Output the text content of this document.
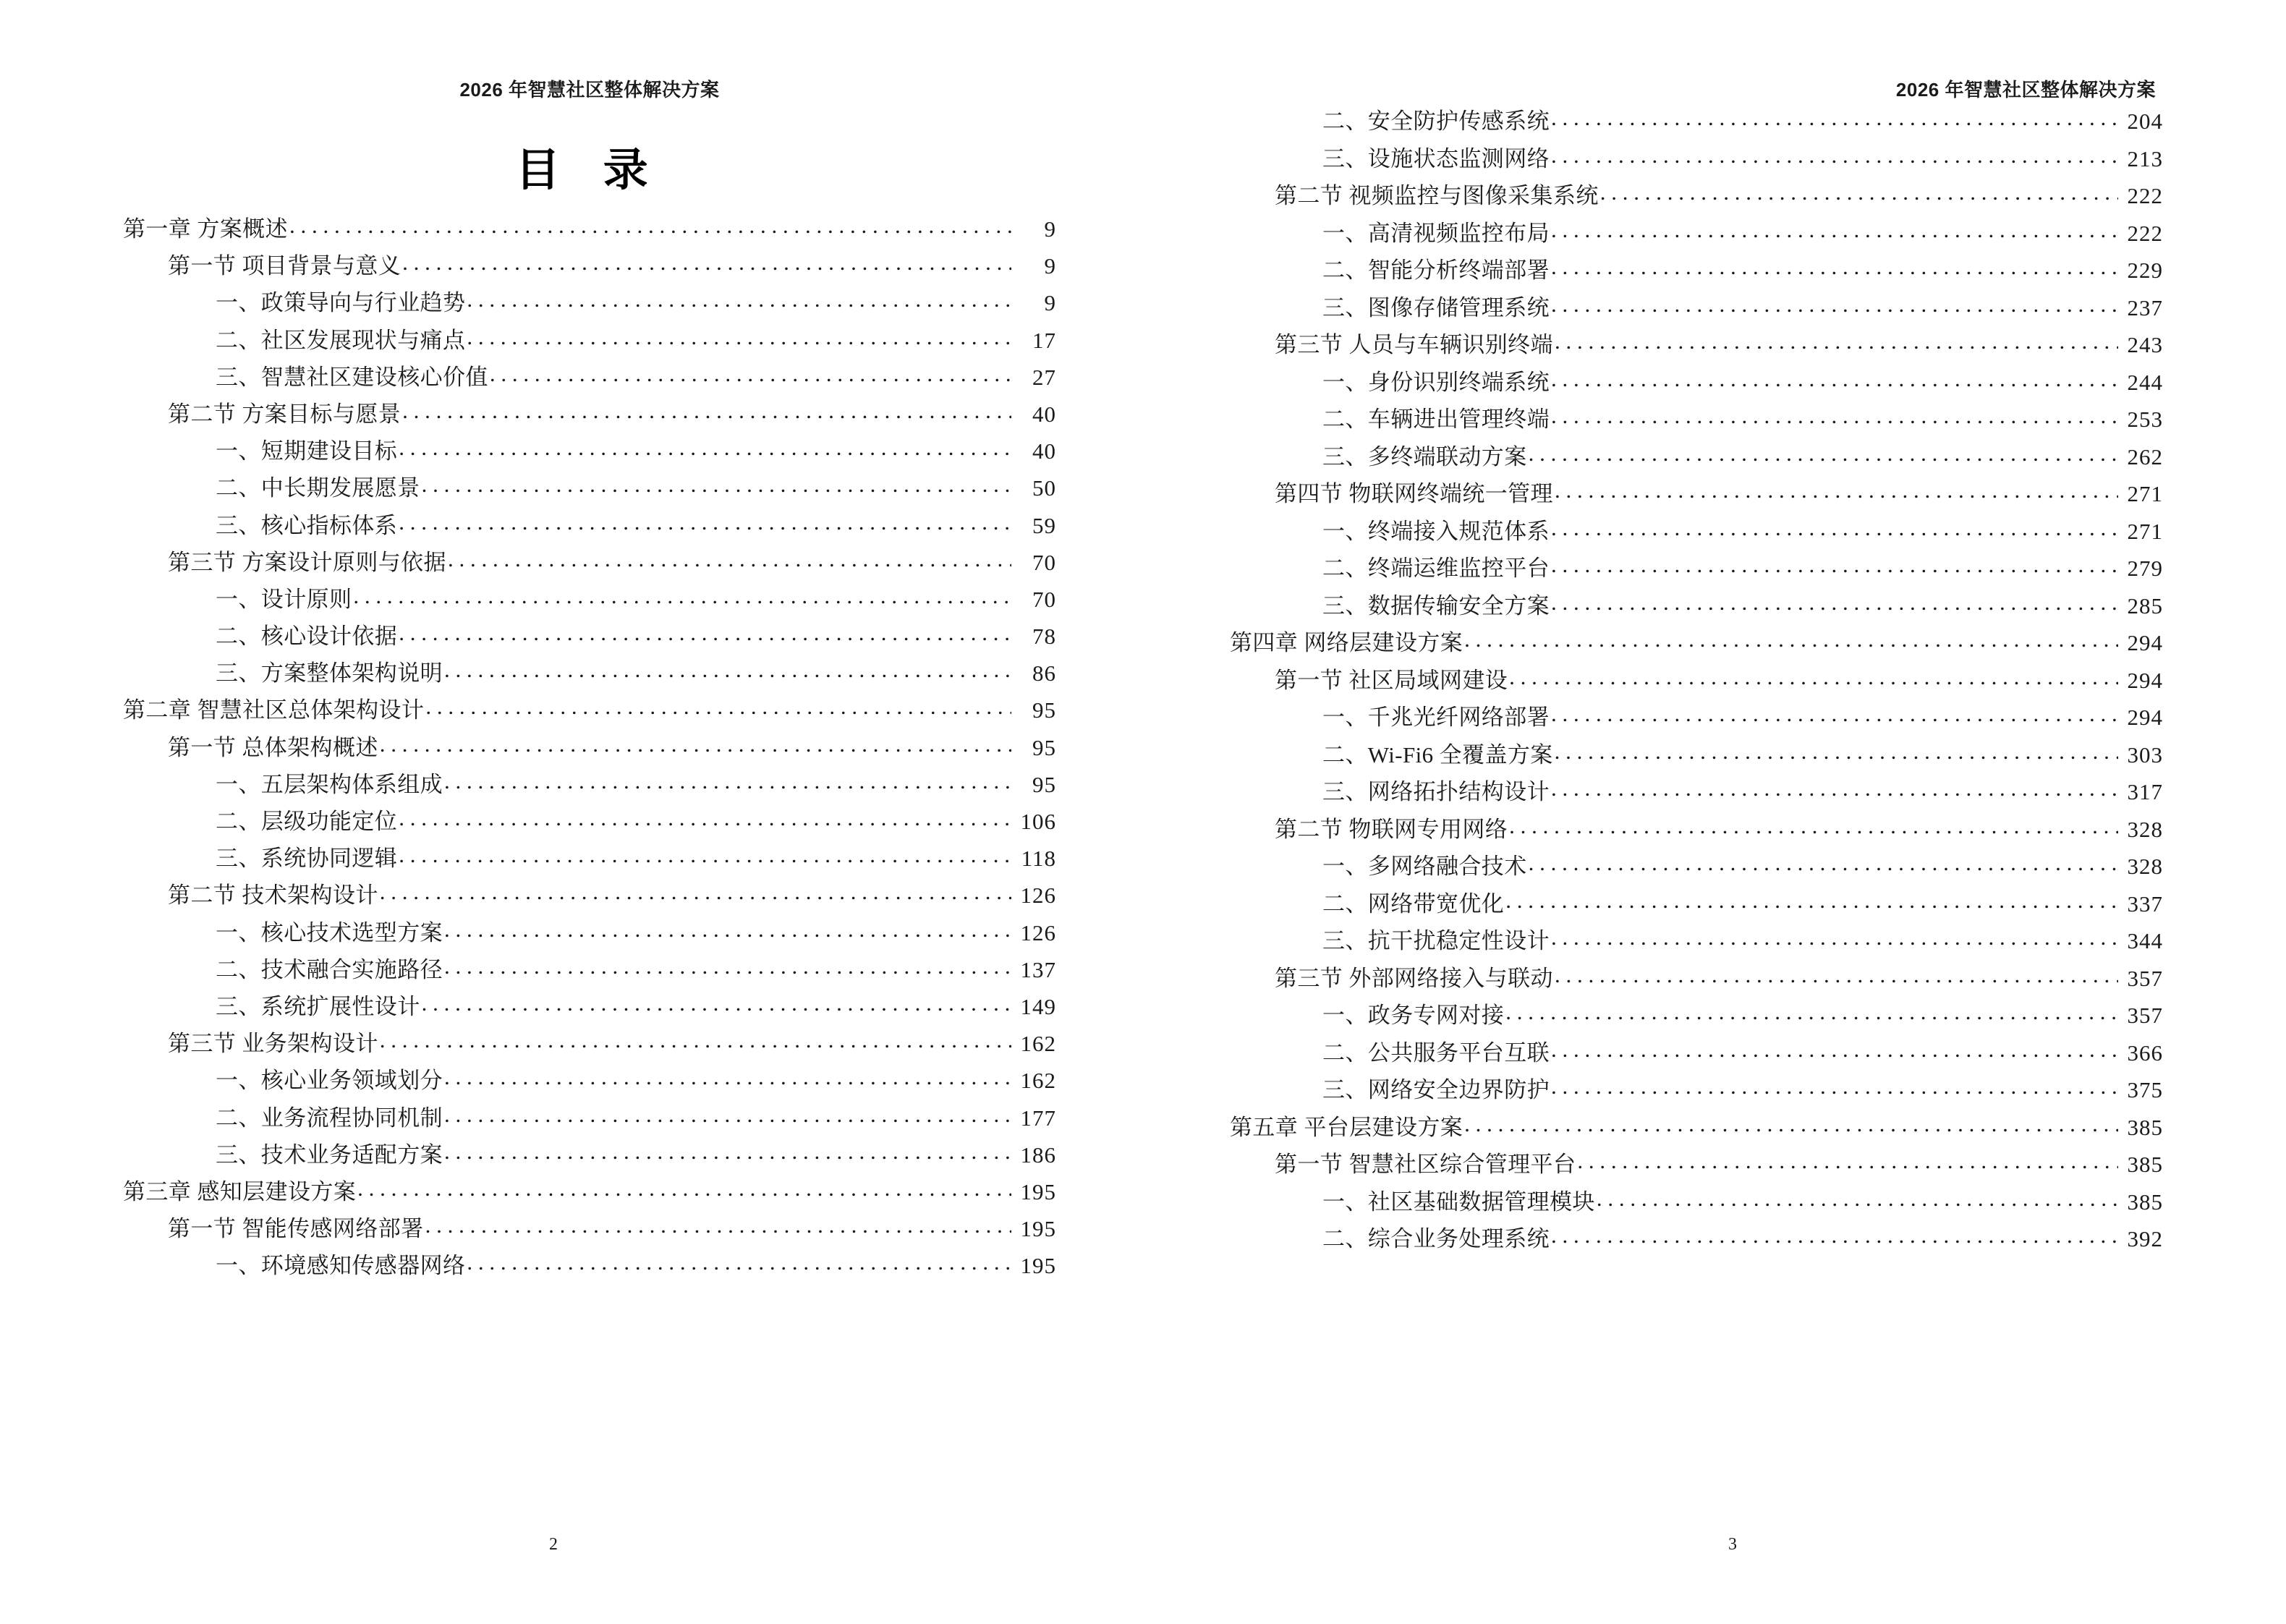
2026 年智慧社区整体解决方案
目 录
第一章 方案概述 . . .	9
第一节 项目背景与意义 . . .	9
一、政策导向与行业趋势 . . .	9
二、社区发展现状与痛点 . . .	17
三、智慧社区建设核心价值 . . .	27
第二节 方案目标与愿景 . . .	40
一、短期建设目标 . . .	40
二、中长期发展愿景 . . .	50
三、核心指标体系 . . .	59
第三节 方案设计原则与依据 . . .	70
一、设计原则 . . .	70
二、核心设计依据 . . .	78
三、方案整体架构说明 . . .	86
第二章 智慧社区总体架构设计 . . .	95
第一节 总体架构概述 . . .	95
一、五层架构体系组成 . . .	95
二、层级功能定位 . . .	106
三、系统协同逻辑 . . .	118
第二节 技术架构设计 . . .	126
一、核心技术选型方案 . . .	126
二、技术融合实施路径 . . .	137
三、系统扩展性设计 . . .	149
第三节 业务架构设计 . . .	162
一、核心业务领域划分 . . .	162
二、业务流程协同机制 . . .	177
三、技术业务适配方案 . . .	186
第三章 感知层建设方案 . . .	195
第一节 智能传感网络部署 . . .	195
一、环境感知传感器网络 . . .	195
2
2026 年智慧社区整体解决方案
二、安全防护传感系统 . . .	204
三、设施状态监测网络 . . .	213
第二节 视频监控与图像采集系统 . . .	222
一、高清视频监控布局 . . .	222
二、智能分析终端部署 . . .	229
三、图像存储管理系统 . . .	237
第三节 人员与车辆识别终端 . . .	243
一、身份识别终端系统 . . .	244
二、车辆进出管理终端 . . .	253
三、多终端联动方案 . . .	262
第四节 物联网终端统一管理 . . .	271
一、终端接入规范体系 . . .	271
二、终端运维监控平台 . . .	279
三、数据传输安全方案 . . .	285
第四章 网络层建设方案 . . .	294
第一节 社区局域网建设 . . .	294
一、千兆光纤网络部署 . . .	294
二、Wi-Fi6 全覆盖方案 . . .	303
三、网络拓扑结构设计 . . .	317
第二节 物联网专用网络 . . .	328
一、多网络融合技术 . . .	328
二、网络带宽优化 . . .	337
三、抗干扰稳定性设计 . . .	344
第三节 外部网络接入与联动 . . .	357
一、政务专网对接 . . .	357
二、公共服务平台互联 . . .	366
三、网络安全边界防护 . . .	375
第五章 平台层建设方案 . . .	385
第一节 智慧社区综合管理平台 . . .	385
一、社区基础数据管理模块 . . .	385
二、综合业务处理系统 . . .	392
3
